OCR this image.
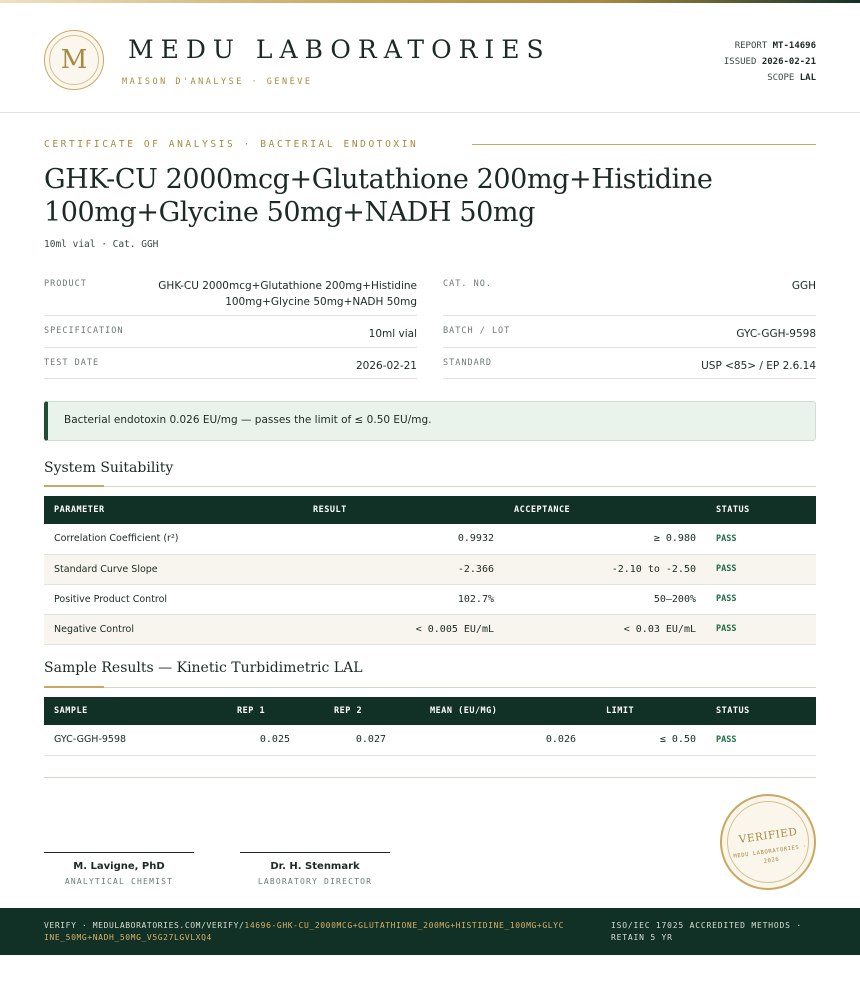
M	MEDU LABORATORIES
MAISON D'ANALYSE · GENÈVE
REPORT MT-14696
ISSUED 2026-02-21
SCOPE LAL
CERTIFICATE OF ANALYSIS · BACTERIAL ENDOTOXIN
GHK-CU 2000mcg+Glutathione 200mg+Histidine 100mg+Glycine 50mg+NADH 50mg
10ml vial · Cat. GGH
PRODUCT	GHK-CU 2000mcg+Glutathione 200mg+Histidine 100mg+Glycine 50mg+NADH 50mg
SPECIFICATION	10ml vial
TEST DATE	2026-02-21
CAT. NO.	GGH
BATCH / LOT	GYC-GGH-9598
STANDARD	USP <85> / EP 2.6.14
Bacterial endotoxin 0.026 EU/mg — passes the limit of ≤ 0.50 EU/mg.
System Suitability
PARAMETER	RESULT	ACCEPTANCE	STATUS
Correlation Coefficient (r²)	0.9932	≥ 0.980	PASS
Standard Curve Slope	-2.366	-2.10 to -2.50	PASS
Positive Product Control	102.7%	50–200%	PASS
Negative Control	< 0.005 EU/mL	< 0.03 EU/mL	PASS
Sample Results — Kinetic Turbidimetric LAL
SAMPLE	REP 1	REP 2	MEAN (EU/MG)	LIMIT	STATUS
GYC-GGH-9598	0.025	0.027	0.026	≤ 0.50	PASS
M. Lavigne, PhD
ANALYTICAL CHEMIST
Dr. H. Stenmark
LABORATORY DIRECTOR
VERIFIED
MEDU LABORATORIES · 2026
VERIFY · MEDULABORATORIES.COM/VERIFY/14696-GHK-CU_2000MCG+GLUTATHIONE_200MG+HISTIDINE_100MG+GLYCINE_50MG+NADH_50MG_V5G27LGVLXQ4
ISO/IEC 17025 ACCREDITED METHODS · RETAIN 5 YR
